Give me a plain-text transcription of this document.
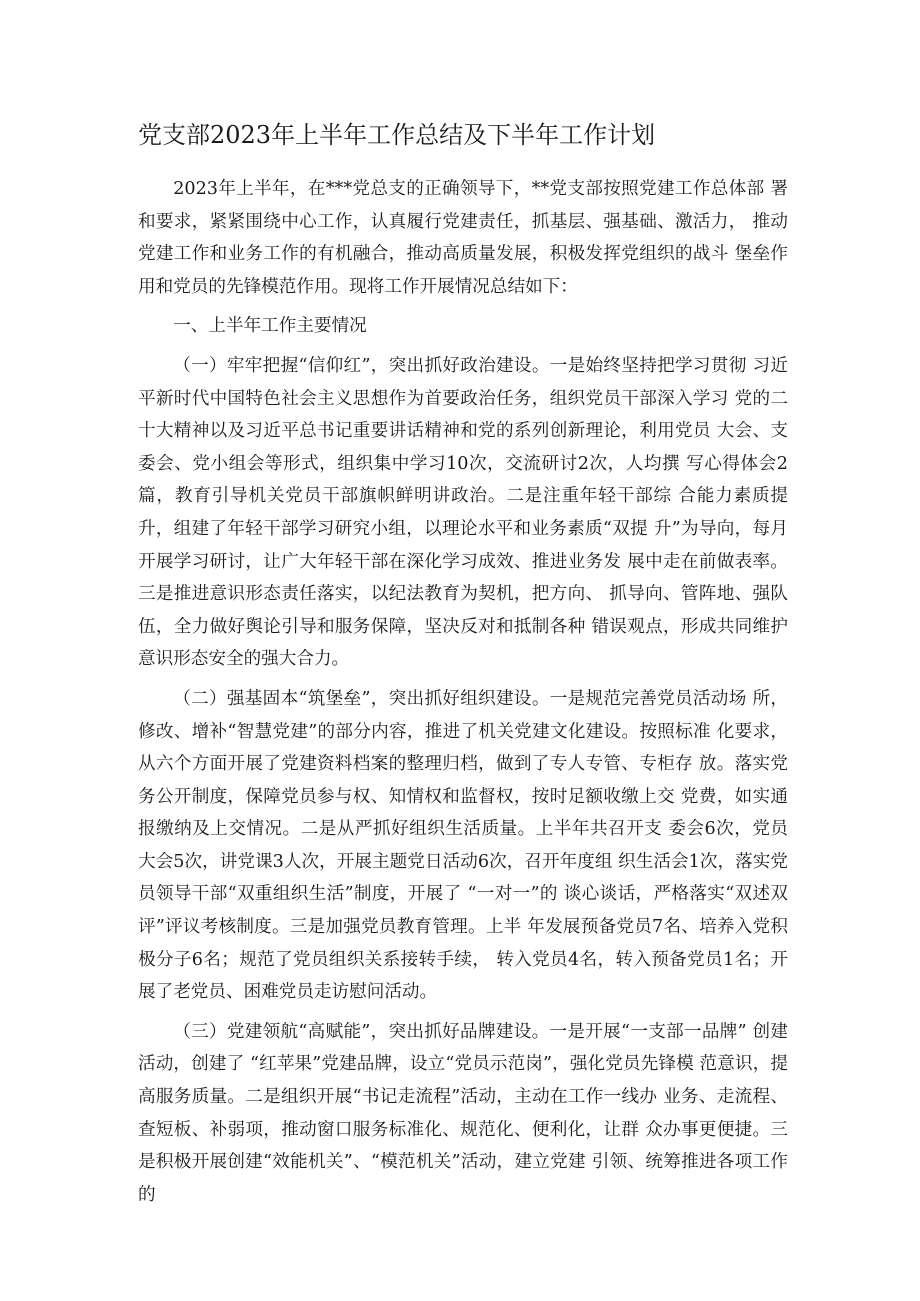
党支部2023年上半年工作总结及下半年工作计划

2023年上半年，在***党总支的正确领导下，**党支部按照党建工作总体部 署和要求，紧紧围绕中心工作，认真履行党建责任，抓基层、强基础、激活力， 推动党建工作和业务工作的有机融合，推动高质量发展，积极发挥党组织的战斗 堡垒作用和党员的先锋模范作用。现将工作开展情况总结如下：

一、上半年工作主要情况

（一）牢牢把握“信仰红”，突出抓好政治建设。一是始终坚持把学习贯彻 习近平新时代中国特色社会主义思想作为首要政治任务，组织党员干部深入学习 党的二十大精神以及习近平总书记重要讲话精神和党的系列创新理论，利用党员 大会、支委会、党小组会等形式，组织集中学习10次，交流研讨2次，人均撰 写心得体会2篇，教育引导机关党员干部旗帜鲜明讲政治。二是注重年轻干部综 合能力素质提升，组建了年轻干部学习研究小组，以理论水平和业务素质“双提 升”为导向，每月开展学习研讨，让广大年轻干部在深化学习成效、推进业务发 展中走在前做表率。三是推进意识形态责任落实，以纪法教育为契机，把方向、 抓导向、管阵地、强队伍，全力做好舆论引导和服务保障，坚决反对和抵制各种 错误观点，形成共同维护意识形态安全的强大合力。

（二）强基固本“筑堡垒”，突出抓好组织建设。一是规范完善党员活动场 所，修改、增补“智慧党建”的部分内容，推进了机关党建文化建设。按照标准 化要求，从六个方面开展了党建资料档案的整理归档，做到了专人专管、专柜存 放。落实党务公开制度，保障党员参与权、知情权和监督权，按时足额收缴上交 党费，如实通报缴纳及上交情况。二是从严抓好组织生活质量。上半年共召开支 委会6次，党员大会5次，讲党课3人次，开展主题党日活动6次，召开年度组 织生活会1次，落实党员领导干部“双重组织生活”制度，开展了 “一对一”的 谈心谈话，严格落实“双述双评”评议考核制度。三是加强党员教育管理。上半 年发展预备党员7名、培养入党积极分子6名；规范了党员组织关系接转手续， 转入党员4名，转入预备党员1名；开展了老党员、困难党员走访慰问活动。

（三）党建领航“高赋能”，突出抓好品牌建设。一是开展“一支部一品牌” 创建活动，创建了 “红苹果”党建品牌，设立“党员示范岗”，强化党员先锋模 范意识，提高服务质量。二是组织开展“书记走流程”活动，主动在工作一线办 业务、走流程、查短板、补弱项，推动窗口服务标准化、规范化、便利化，让群 众办事更便捷。三是积极开展创建“效能机关”、“模范机关”活动，建立党建 引领、统筹推进各项工作的
